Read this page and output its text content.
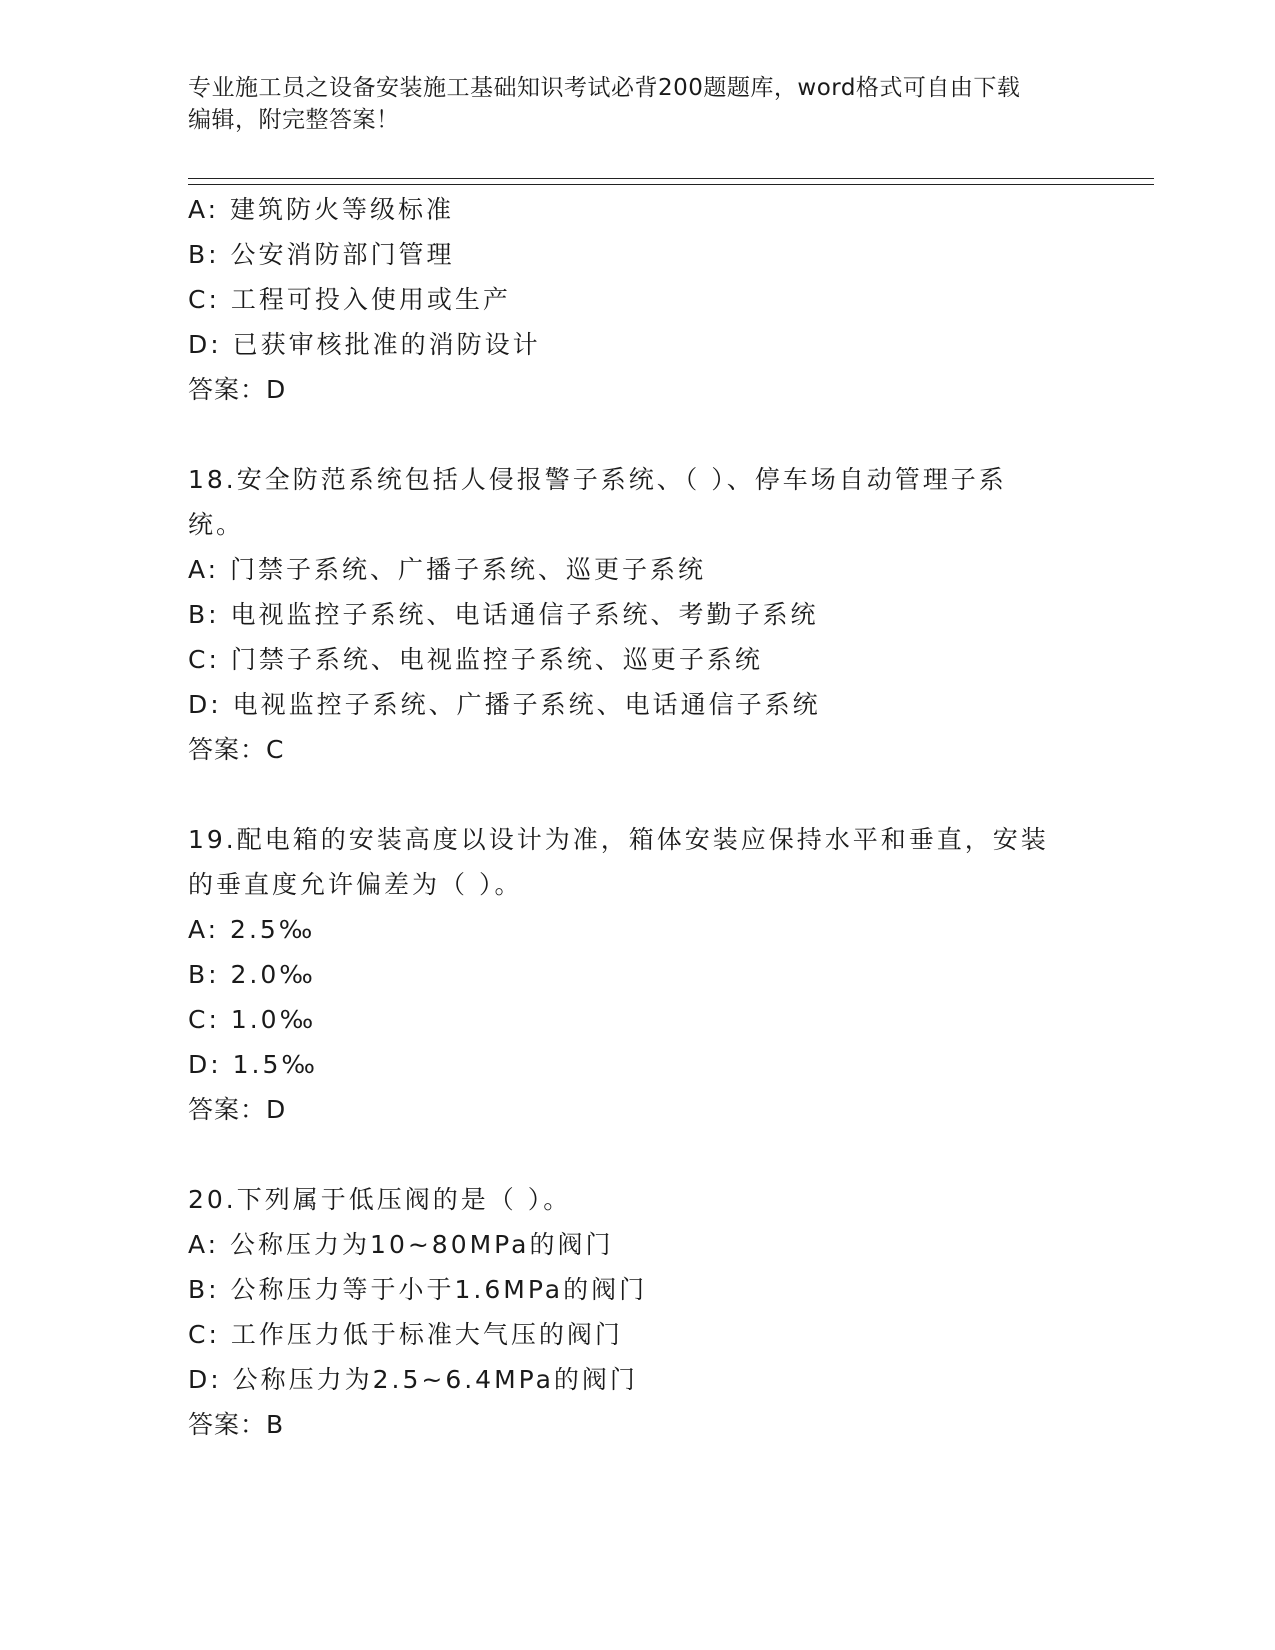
专业施工员之设备安装施工基础知识考试必背200题题库，word格式可自由下载
编辑，附完整答案！
A: 建筑防火等级标准
B: 公安消防部门管理
C: 工程可投入使用或生产
D: 已获审核批准的消防设计
答案：D
18.安全防范系统包括人侵报警子系统、（ ）、停车场自动管理子系
统。
A: 门禁子系统、广播子系统、巡更子系统
B: 电视监控子系统、电话通信子系统、考勤子系统
C: 门禁子系统、电视监控子系统、巡更子系统
D: 电视监控子系统、广播子系统、电话通信子系统
答案：C
19.配电箱的安装高度以设计为准，箱体安装应保持水平和垂直，安装
的垂直度允许偏差为（ ）。
A: 2.5‰
B: 2.0‰
C: 1.0‰
D: 1.5‰
答案：D
20.下列属于低压阀的是（ ）。
A: 公称压力为10~80MPa的阀门
B: 公称压力等于小于1.6MPa的阀门
C: 工作压力低于标准大气压的阀门
D: 公称压力为2.5~6.4MPa的阀门
答案：B
